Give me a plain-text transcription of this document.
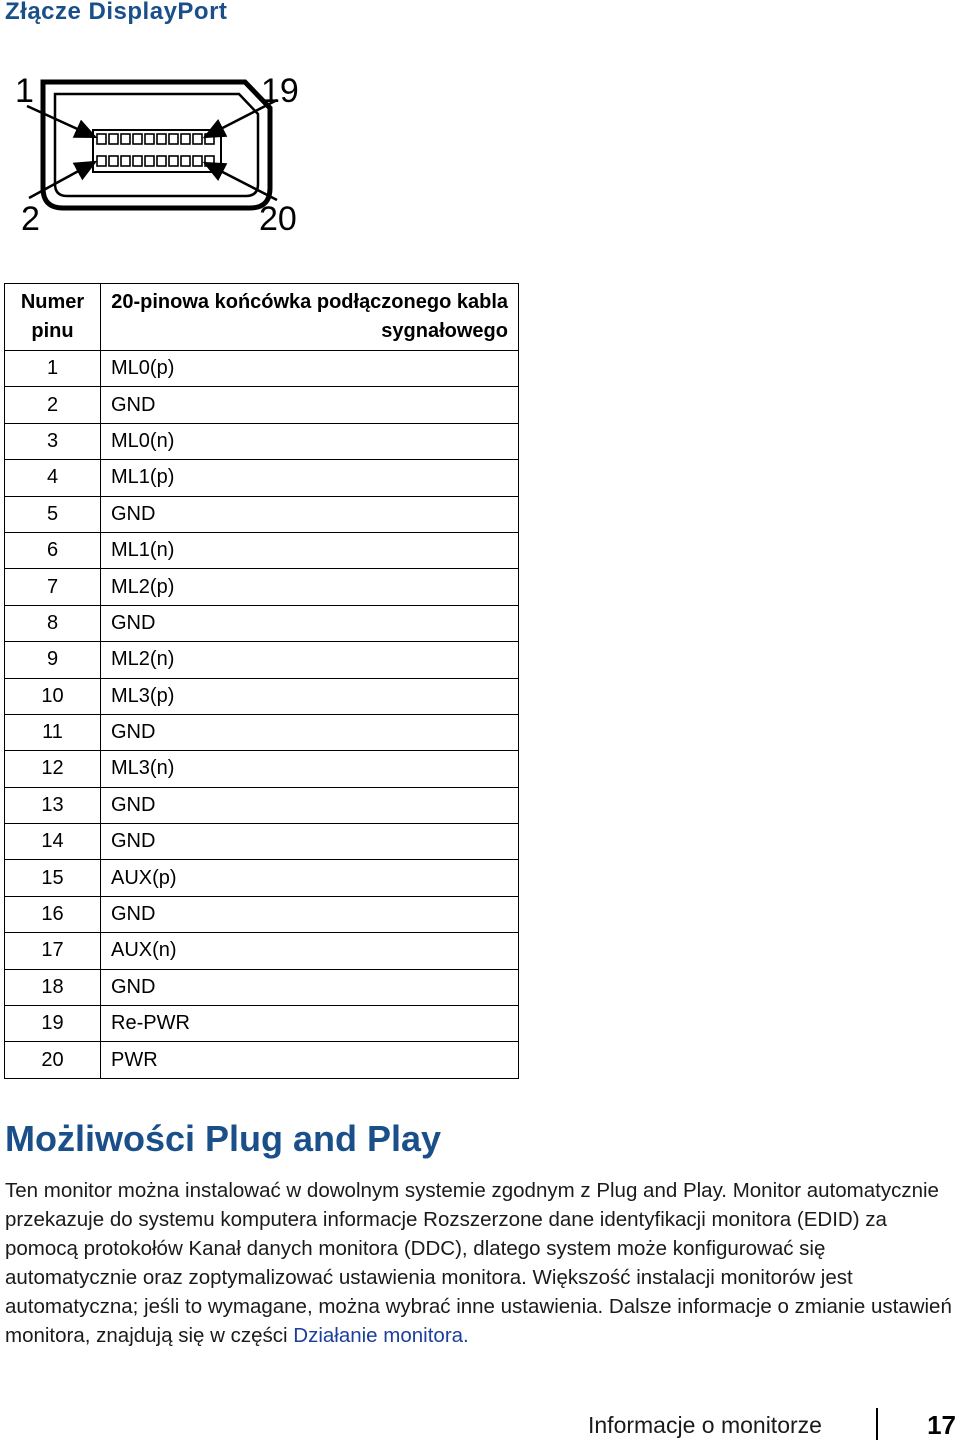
Złącze DisplayPort
1	19
2	20
Numer pinu	20-pinowa końcówka podłączonego kabla sygnałowego
1	ML0(p)
2	GND
3	ML0(n)
4	ML1(p)
5	GND
6	ML1(n)
7	ML2(p)
8	GND
9	ML2(n)
10	ML3(p)
11	GND
12	ML3(n)
13	GND
14	GND
15	AUX(p)
16	GND
17	AUX(n)
18	GND
19	Re-PWR
20	PWR
Możliwości Plug and Play

Ten monitor można instalować w dowolnym systemie zgodnym z Plug and Play. Monitor automatycznie przekazuje do systemu komputera informacje Rozszerzone dane identyfikacji monitora (EDID) za pomocą protokołów Kanał danych monitora (DDC), dlatego system może konfigurować się automatycznie oraz zoptymalizować ustawienia monitora. Większość instalacji monitorów jest automatyczna; jeśli to wymagane, można wybrać inne ustawienia. Dalsze informacje o zmianie ustawień monitora, znajdują się w części Działanie monitora.

Informacje o monitorze	17
